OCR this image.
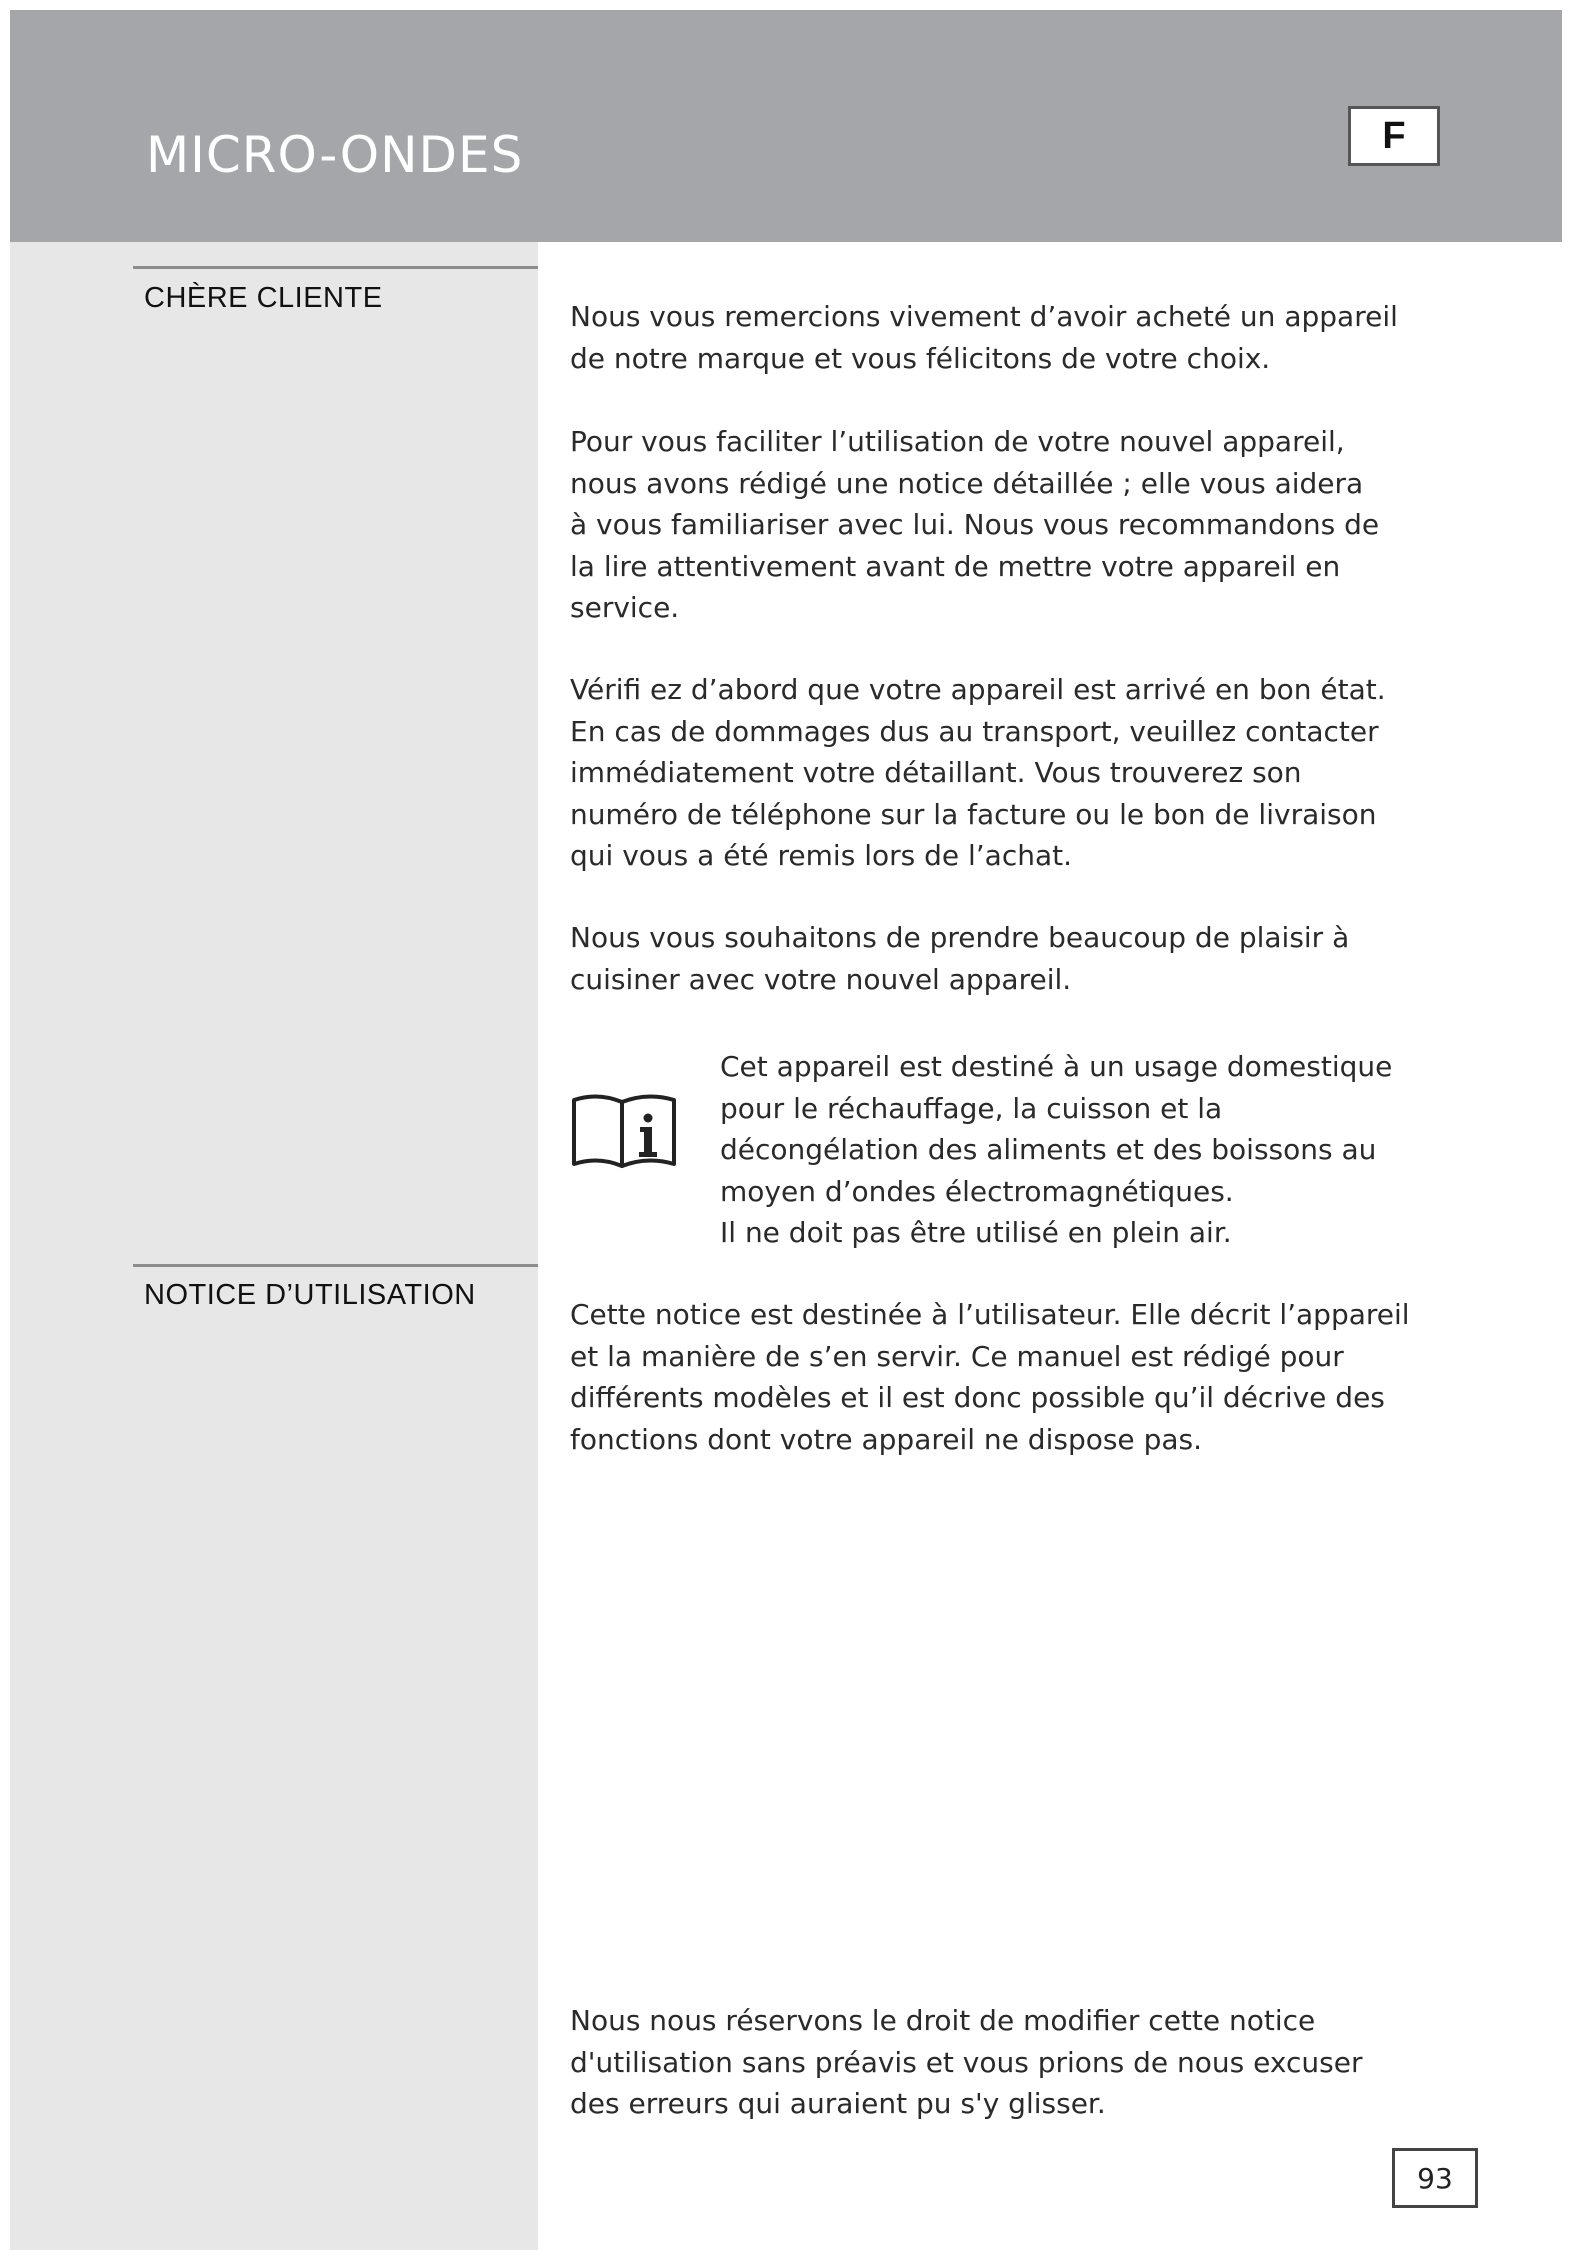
MICRO-ONDES	F
CHÈRE CLIENTE

Nous vous remercions vivement d’avoir acheté un appareil
de notre marque et vous félicitons de votre choix.

Pour vous faciliter l’utilisation de votre nouvel appareil,
nous avons rédigé une notice détaillée ; elle vous aidera
à vous familiariser avec lui. Nous vous recommandons de
la lire attentivement avant de mettre votre appareil en
service.

Vérifi ez d’abord que votre appareil est arrivé en bon état.
En cas de dommages dus au transport, veuillez contacter
immédiatement votre détaillant. Vous trouverez son
numéro de téléphone sur la facture ou le bon de livraison
qui vous a été remis lors de l’achat.

Nous vous souhaitons de prendre beaucoup de plaisir à
cuisiner avec votre nouvel appareil.

Cet appareil est destiné à un usage domestique
pour le réchauffage, la cuisson et la
décongélation des aliments et des boissons au
moyen d’ondes électromagnétiques.
Il ne doit pas être utilisé en plein air.

NOTICE D’UTILISATION

Cette notice est destinée à l’utilisateur. Elle décrit l’appareil
et la manière de s’en servir. Ce manuel est rédigé pour
différents modèles et il est donc possible qu’il décrive des
fonctions dont votre appareil ne dispose pas.

Nous nous réservons le droit de modifier cette notice
d'utilisation sans préavis et vous prions de nous excuser
des erreurs qui auraient pu s'y glisser.

93
